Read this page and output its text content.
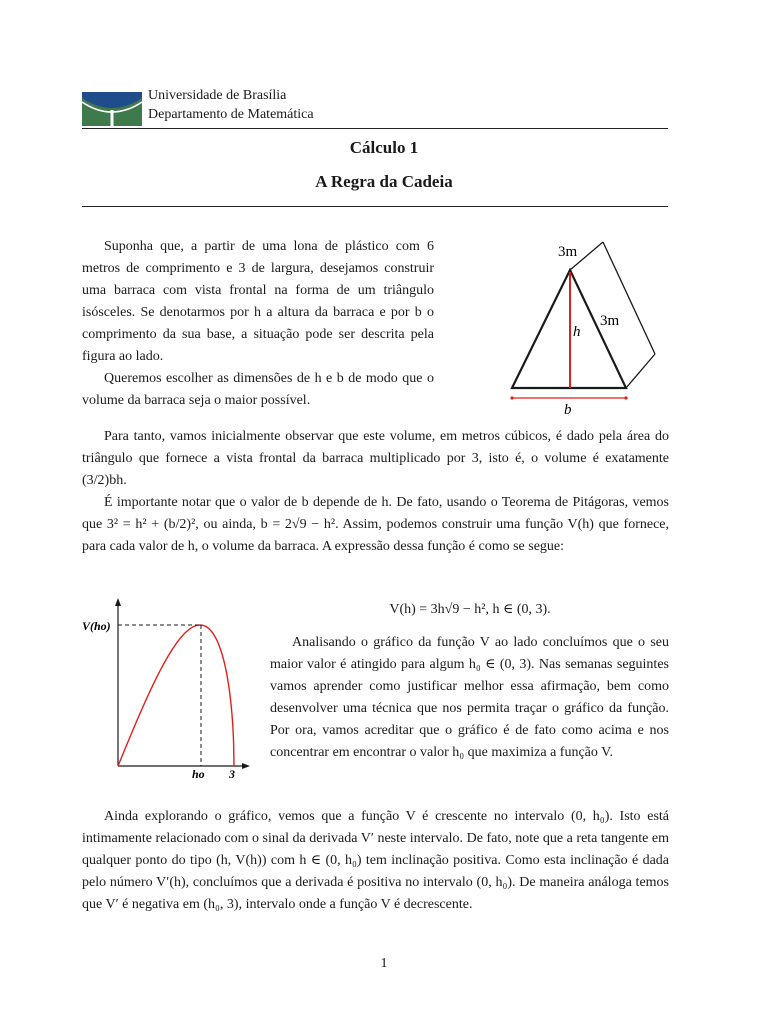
Universidade de Brasília
Departamento de Matemática
Cálculo 1
A Regra da Cadeia

Suponha que, a partir de uma lona de plástico com 6 metros de comprimento e 3 de largura, desejamos construir uma barraca com vista frontal na forma de um triângulo isósceles. Se denotarmos por h a altura da barraca e por b o comprimento da sua base, a situação pode ser descrita pela figura ao lado.

Queremos escolher as dimensões de h e b de modo que o volume da barraca seja o maior possível.

3m
3m
h
b

Para tanto, vamos inicialmente observar que este volume, em metros cúbicos, é dado pela área do triângulo que fornece a vista frontal da barraca multiplicado por 3, isto é, o volume é exatamente (3/2)bh.

É importante notar que o valor de b depende de h. De fato, usando o Teorema de Pitágoras, vemos que 3² = h² + (b/2)², ou ainda, b = 2√9 − h². Assim, podemos construir uma função V(h) que fornece, para cada valor de h, o volume da barraca. A expressão dessa função é como se segue:

V(h) = 3h√9 − h², h ∈ (0, 3).
V(ho)
ho 3

Analisando o gráfico da função V ao lado concluímos que o seu maior valor é atingido para algum h₀ ∈ (0, 3). Nas semanas seguintes vamos aprender como justificar melhor essa afirmação, bem como desenvolver uma técnica que nos permita traçar o gráfico da função. Por ora, vamos acreditar que o gráfico é de fato como acima e nos concentrar em encontrar o valor h₀ que maximiza a função V.

Ainda explorando o gráfico, vemos que a função V é crescente no intervalo (0, h₀). Isto está intimamente relacionado com o sinal da derivada V′ neste intervalo. De fato, note que a reta tangente em qualquer ponto do tipo (h, V(h)) com h ∈ (0, h₀) tem inclinação positiva. Como esta inclinação é dada pelo número V′(h), concluímos que a derivada é positiva no intervalo (0, h₀). De maneira análoga temos que V′ é negativa em (h₀, 3), intervalo onde a função V é decrescente.

1
